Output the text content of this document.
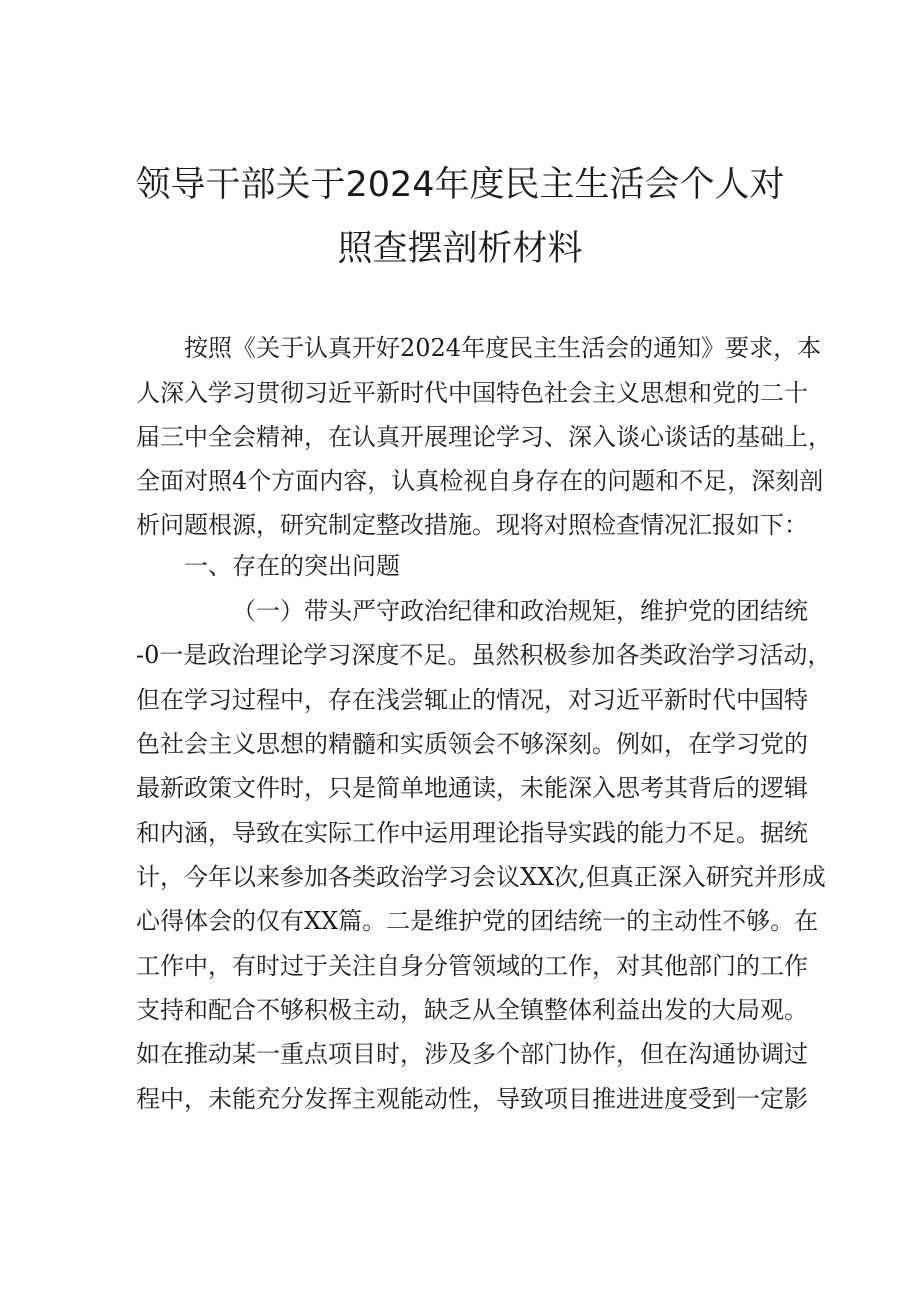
领导干部关于2024年度民主生活会个人对
照查摆剖析材料
按照《关于认真开好2024年度民主生活会的通知》要求，本
人深入学习贯彻习近平新时代中国特色社会主义思想和党的二十
届三中全会精神，在认真开展理论学习、深入谈心谈话的基础上，
全面对照4个方面内容，认真检视自身存在的问题和不足，深刻剖
析问题根源，研究制定整改措施。现将对照检查情况汇报如下：
一、存在的突出问题
（一）带头严守政治纪律和政治规矩，维护党的团结统
-0一是政治理论学习深度不足。虽然积极参加各类政治学习活动，
但在学习过程中，存在浅尝辄止的情况，对习近平新时代中国特
色社会主义思想的精髓和实质领会不够深刻。例如，在学习党的
最新政策文件时，只是简单地通读，未能深入思考其背后的逻辑
和内涵，导致在实际工作中运用理论指导实践的能力不足。据统
计，今年以来参加各类政治学习会议XX次,但真正深入研究并形成
心得体会的仅有XX篇。二是维护党的团结统一的主动性不够。在
工作中，有时过于关注自身分管领域的工作，对其他部门的工作
支持和配合不够积极主动，缺乏从全镇整体利益出发的大局观。
如在推动某一重点项目时，涉及多个部门协作，但在沟通协调过
程中，未能充分发挥主观能动性，导致项目推进进度受到一定影
